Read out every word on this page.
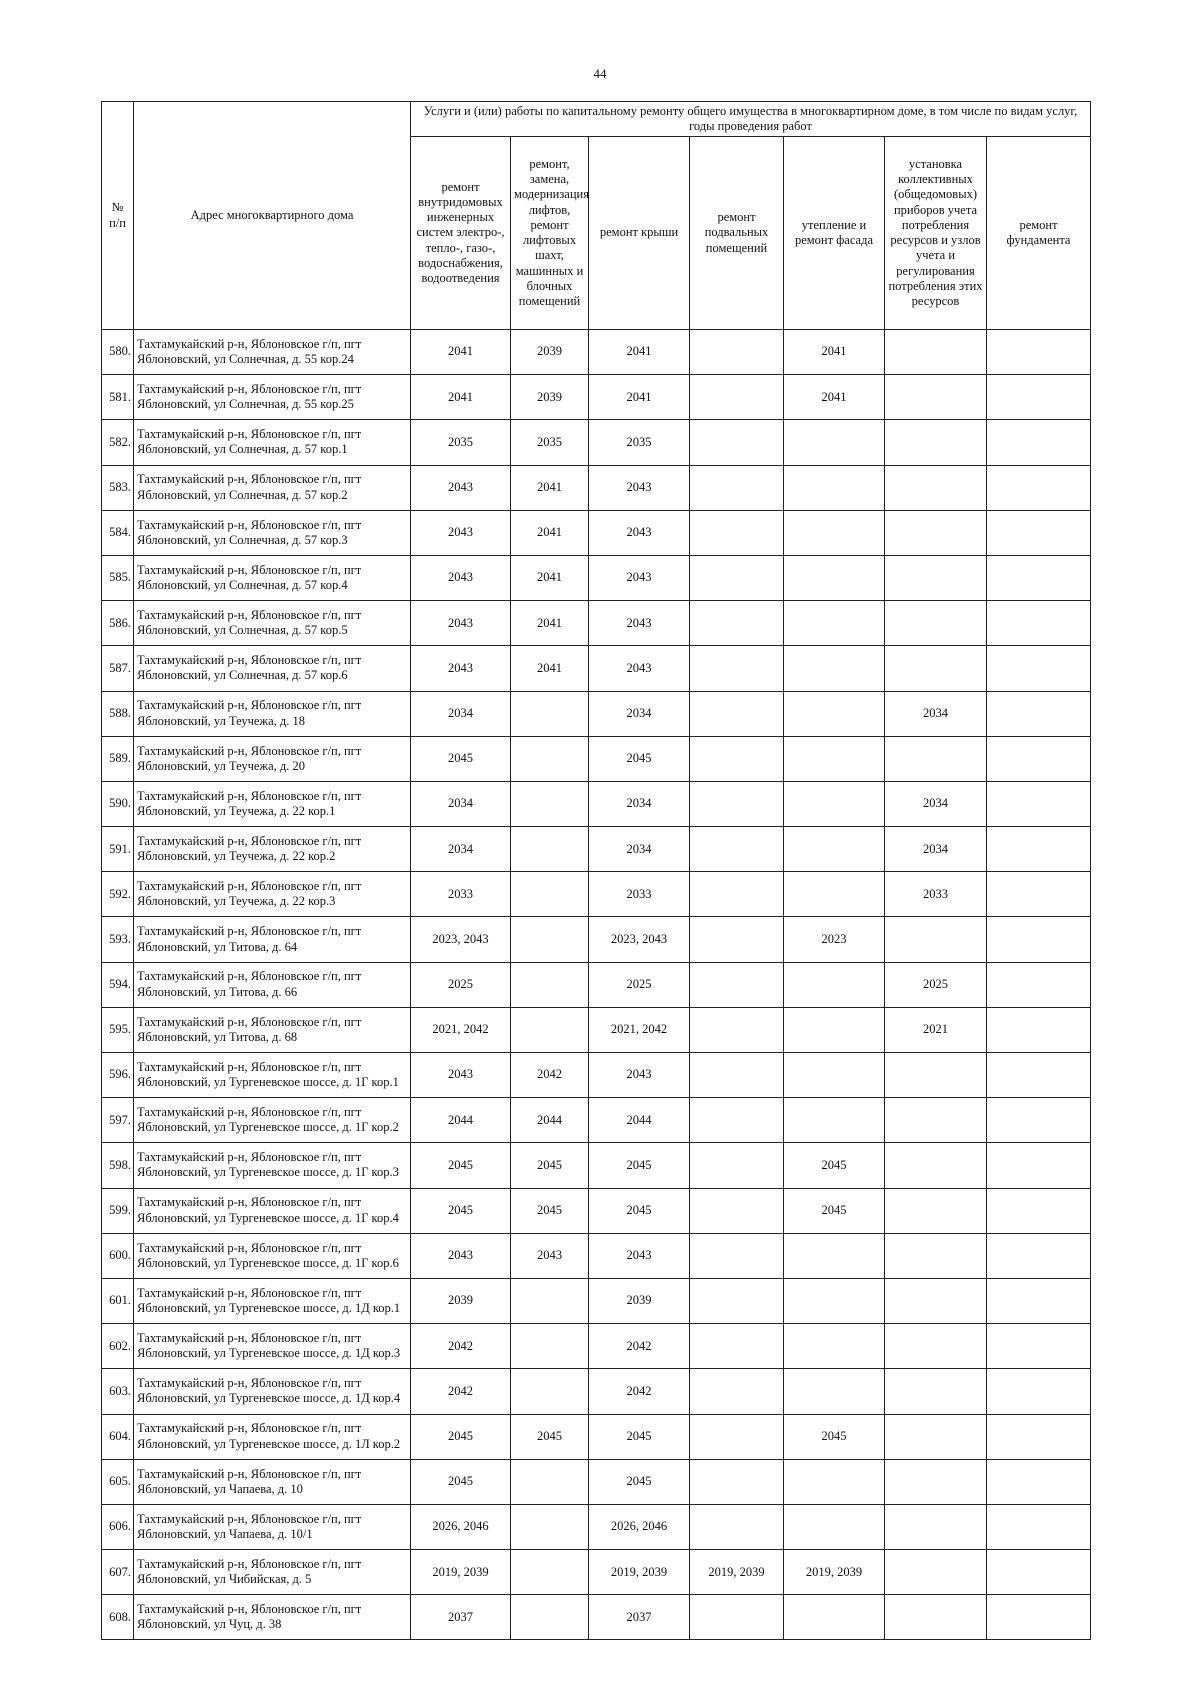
44
№ п/п	Адрес многоквартирного дома	Услуги и (или) работы по капитальному ремонту общего имущества в многоквартирном доме, в том числе по видам услуг, годы проведения работ						
		ремонт внутридомовых инженерных систем электро-, тепло-, газо-, водоснабжения, водоотведения	ремонт, замена, модернизация лифтов, ремонт лифтовых шахт, машинных и блочных помещений	ремонт крыши	ремонт подвальных помещений	утепление и ремонт фасада	установка коллективных (общедомовых) приборов учета потребления ресурсов и узлов учета и регулирования потребления этих ресурсов	ремонт фундамента
580.	Тахтамукайский р-н, Яблоновское г/п, пгт Яблоновский, ул Солнечная, д. 55 кор.24	2041	2039	2041		2041		
581.	Тахтамукайский р-н, Яблоновское г/п, пгт Яблоновский, ул Солнечная, д. 55 кор.25	2041	2039	2041		2041		
582.	Тахтамукайский р-н, Яблоновское г/п, пгт Яблоновский, ул Солнечная, д. 57 кор.1	2035	2035	2035				
583.	Тахтамукайский р-н, Яблоновское г/п, пгт Яблоновский, ул Солнечная, д. 57 кор.2	2043	2041	2043				
584.	Тахтамукайский р-н, Яблоновское г/п, пгт Яблоновский, ул Солнечная, д. 57 кор.3	2043	2041	2043				
585.	Тахтамукайский р-н, Яблоновское г/п, пгт Яблоновский, ул Солнечная, д. 57 кор.4	2043	2041	2043				
586.	Тахтамукайский р-н, Яблоновское г/п, пгт Яблоновский, ул Солнечная, д. 57 кор.5	2043	2041	2043				
587.	Тахтамукайский р-н, Яблоновское г/п, пгт Яблоновский, ул Солнечная, д. 57 кор.6	2043	2041	2043				
588.	Тахтамукайский р-н, Яблоновское г/п, пгт Яблоновский, ул Теучежа, д. 18	2034		2034			2034	
589.	Тахтамукайский р-н, Яблоновское г/п, пгт Яблоновский, ул Теучежа, д. 20	2045		2045				
590.	Тахтамукайский р-н, Яблоновское г/п, пгт Яблоновский, ул Теучежа, д. 22 кор.1	2034		2034			2034	
591.	Тахтамукайский р-н, Яблоновское г/п, пгт Яблоновский, ул Теучежа, д. 22 кор.2	2034		2034			2034	
592.	Тахтамукайский р-н, Яблоновское г/п, пгт Яблоновский, ул Теучежа, д. 22 кор.3	2033		2033			2033	
593.	Тахтамукайский р-н, Яблоновское г/п, пгт Яблоновский, ул Титова, д. 64	2023, 2043		2023, 2043		2023		
594.	Тахтамукайский р-н, Яблоновское г/п, пгт Яблоновский, ул Титова, д. 66	2025		2025			2025	
595.	Тахтамукайский р-н, Яблоновское г/п, пгт Яблоновский, ул Титова, д. 68	2021, 2042		2021, 2042			2021	
596.	Тахтамукайский р-н, Яблоновское г/п, пгт Яблоновский, ул Тургеневское шоссе, д. 1Г кор.1	2043	2042	2043				
597.	Тахтамукайский р-н, Яблоновское г/п, пгт Яблоновский, ул Тургеневское шоссе, д. 1Г кор.2	2044	2044	2044				
598.	Тахтамукайский р-н, Яблоновское г/п, пгт Яблоновский, ул Тургеневское шоссе, д. 1Г кор.3	2045	2045	2045		2045		
599.	Тахтамукайский р-н, Яблоновское г/п, пгт Яблоновский, ул Тургеневское шоссе, д. 1Г кор.4	2045	2045	2045		2045		
600.	Тахтамукайский р-н, Яблоновское г/п, пгт Яблоновский, ул Тургеневское шоссе, д. 1Г кор.6	2043	2043	2043				
601.	Тахтамукайский р-н, Яблоновское г/п, пгт Яблоновский, ул Тургеневское шоссе, д. 1Д кор.1	2039		2039				
602.	Тахтамукайский р-н, Яблоновское г/п, пгт Яблоновский, ул Тургеневское шоссе, д. 1Д кор.3	2042		2042				
603.	Тахтамукайский р-н, Яблоновское г/п, пгт Яблоновский, ул Тургеневское шоссе, д. 1Д кор.4	2042		2042				
604.	Тахтамукайский р-н, Яблоновское г/п, пгт Яблоновский, ул Тургеневское шоссе, д. 1Л кор.2	2045	2045	2045		2045		
605.	Тахтамукайский р-н, Яблоновское г/п, пгт Яблоновский, ул Чапаева, д. 10	2045		2045				
606.	Тахтамукайский р-н, Яблоновское г/п, пгт Яблоновский, ул Чапаева, д. 10/1	2026, 2046		2026, 2046				
607.	Тахтамукайский р-н, Яблоновское г/п, пгт Яблоновский, ул Чибийская, д. 5	2019, 2039		2019, 2039	2019, 2039	2019, 2039		
608.	Тахтамукайский р-н, Яблоновское г/п, пгт Яблоновский, ул Чуц, д. 38	2037		2037				
